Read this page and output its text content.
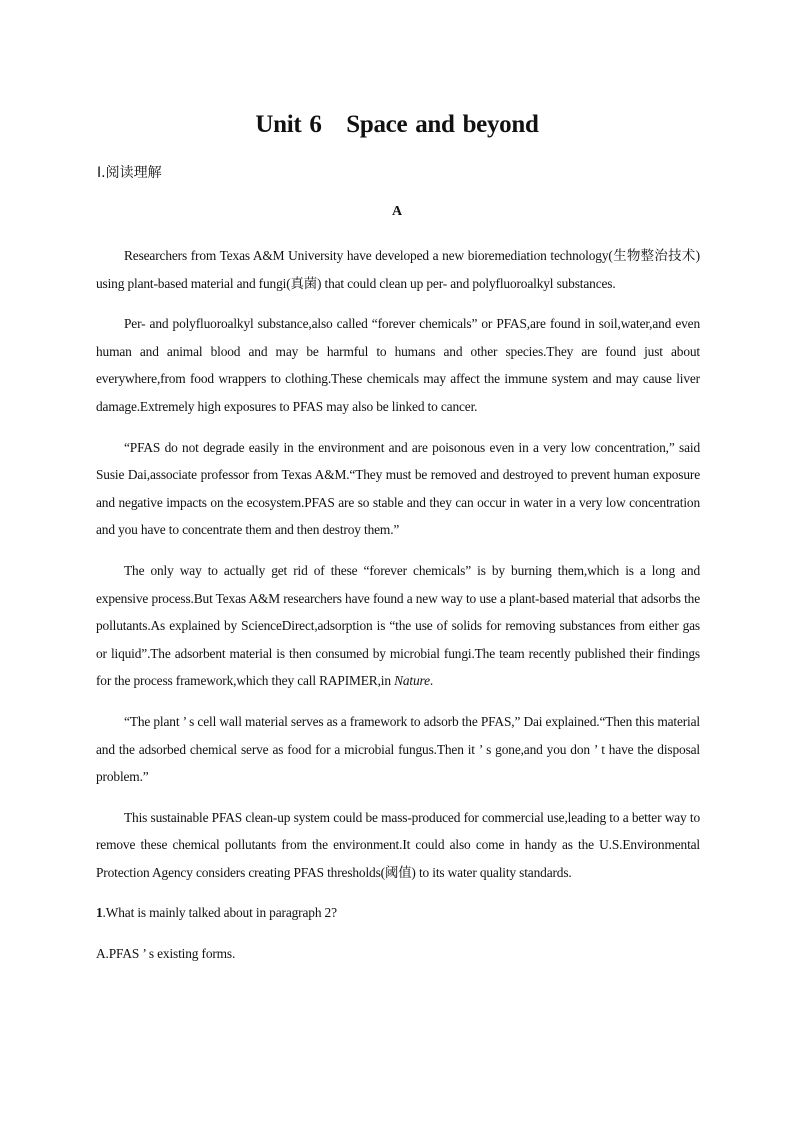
Unit 6　Space and beyond
Ⅰ.阅读理解
A

Researchers from Texas A&M University have developed a new bioremediation technology(生物整治技术) using plant-based material and fungi(真菌) that could clean up per- and polyfluoroalkyl substances.

Per- and polyfluoroalkyl substance,also called “forever chemicals” or PFAS,are found in soil,water,and even human and animal blood and may be harmful to humans and other species.They are found just about everywhere,from food wrappers to clothing.These chemicals may affect the immune system and may cause liver damage.Extremely high exposures to PFAS may also be linked to cancer.

“PFAS do not degrade easily in the environment and are poisonous even in a very low concentration,” said Susie Dai,associate professor from Texas A&M.“They must be removed and destroyed to prevent human exposure and negative impacts on the ecosystem.PFAS are so stable and they can occur in water in a very low concentration and you have to concentrate them and then destroy them.”

The only way to actually get rid of these “forever chemicals” is by burning them,which is a long and expensive process.But Texas A&M researchers have found a new way to use a plant-based material that adsorbs the pollutants.As explained by ScienceDirect,adsorption is “the use of solids for removing substances from either gas or liquid”.The adsorbent material is then consumed by microbial fungi.The team recently published their findings for the process framework,which they call RAPIMER,in Nature.

“The plant ’ s cell wall material serves as a framework to adsorb the PFAS,” Dai explained.“Then this material and the adsorbed chemical serve as food for a microbial fungus.Then it ’ s gone,and you don ’ t have the disposal problem.”

This sustainable PFAS clean-up system could be mass-produced for commercial use,leading to a better way to remove these chemical pollutants from the environment.It could also come in handy as the U.S.Environmental Protection Agency considers creating PFAS thresholds(阈值) to its water quality standards.

1.What is mainly talked about in paragraph 2?

A.PFAS ’ s existing forms.
